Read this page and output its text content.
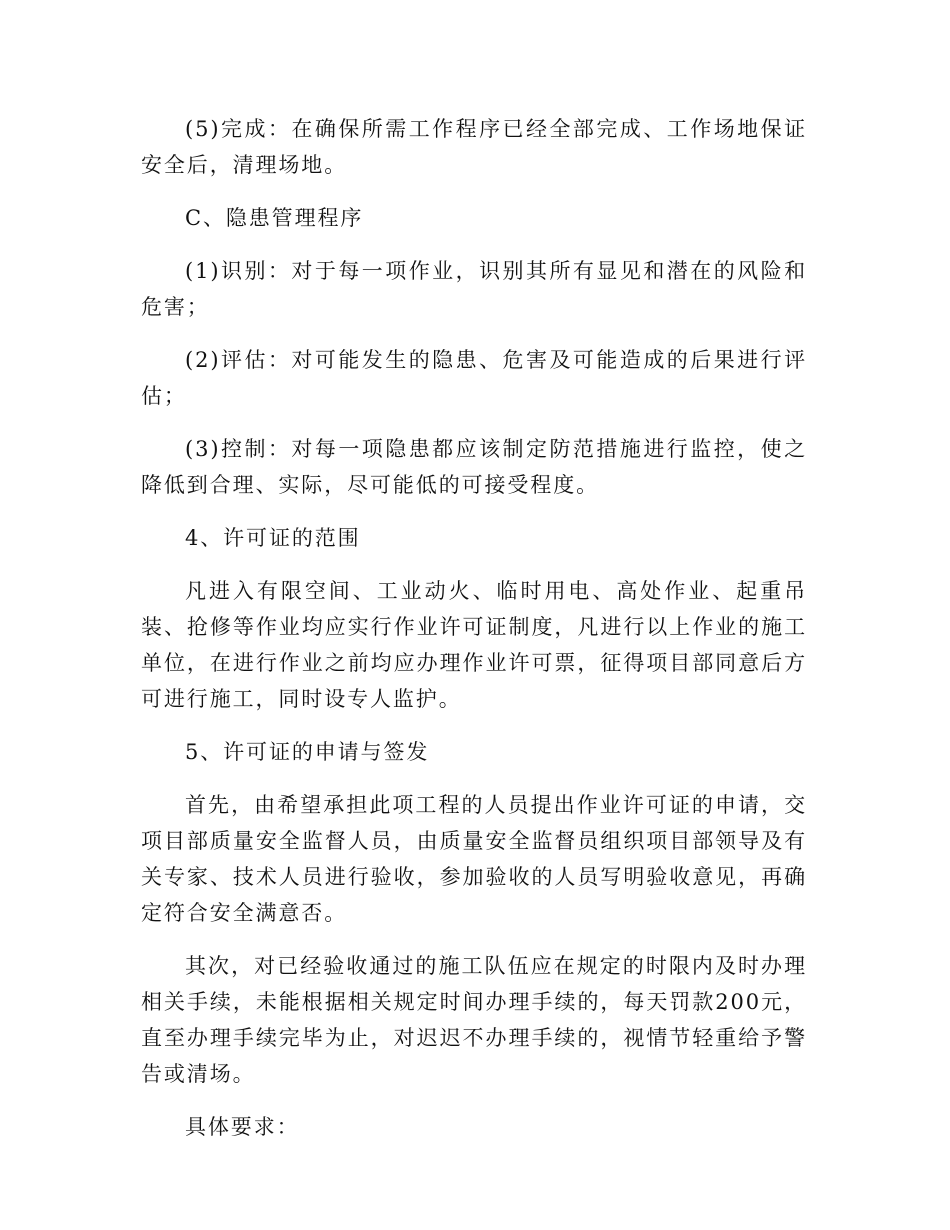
(5)完成：在确保所需工作程序已经全部完成、工作场地保证安全后，清理场地。

C、隐患管理程序

(1)识别：对于每一项作业，识别其所有显见和潜在的风险和危害；

(2)评估：对可能发生的隐患、危害及可能造成的后果进行评估；

(3)控制：对每一项隐患都应该制定防范措施进行监控，使之降低到合理、实际，尽可能低的可接受程度。

4、许可证的范围

凡进入有限空间、工业动火、临时用电、高处作业、起重吊装、抢修等作业均应实行作业许可证制度，凡进行以上作业的施工单位，在进行作业之前均应办理作业许可票，征得项目部同意后方可进行施工，同时设专人监护。

5、许可证的申请与签发

首先，由希望承担此项工程的人员提出作业许可证的申请，交项目部质量安全监督人员，由质量安全监督员组织项目部领导及有关专家、技术人员进行验收，参加验收的人员写明验收意见，再确定符合安全满意否。

其次，对已经验收通过的施工队伍应在规定的时限内及时办理相关手续，未能根据相关规定时间办理手续的，每天罚款200元，直至办理手续完毕为止，对迟迟不办理手续的，视情节轻重给予警告或清场。

具体要求：
